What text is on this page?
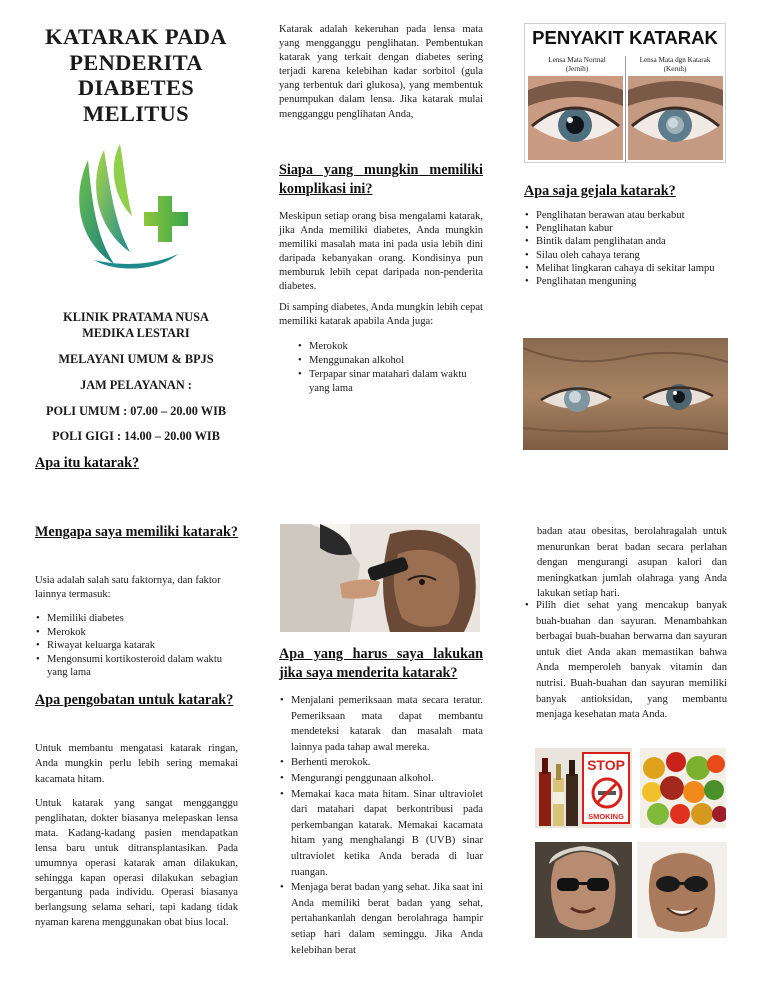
KATARAK PADA
PENDERITA
DIABETES
MELITUS
KLINIK PRATAMA NUSA
MEDIKA LESTARI
MELAYANI UMUM & BPJS
JAM PELAYANAN :
POLI UMUM : 07.00 – 20.00 WIB
POLI GIGI : 14.00 – 20.00 WIB
Apa itu katarak?
Katarak adalah kekeruhan pada lensa mata yang mengganggu penglihatan. Pembentukan katarak yang terkait dengan diabetes sering terjadi karena kelebihan kadar sorbitol (gula yang terbentuk dari glukosa), yang membentuk penumpukan dalam lensa. Jika katarak mulai mengganggu penglihatan Anda,
Siapa yang mungkin memiliki komplikasi ini?
Meskipun setiap orang bisa mengalami katarak, jika Anda memiliki diabetes, Anda mungkin memiliki masalah mata ini pada usia lebih dini daripada kebanyakan orang. Kondisinya pun memburuk lebih cepat daripada non-penderita diabetes.
Di samping diabetes, Anda mungkin lebih cepat memiliki katarak apabila Anda juga:
• Merokok
• Menggunakan alkohol
• Terpapar sinar matahari dalam waktu yang lama
PENYAKIT KATARAK
Lensa Mata Normal
(Jernih)
Lensa Mata dgn Katarak
(Keruh)
Apa saja gejala katarak?
• Penglihatan berawan atau berkabut
• Penglihatan kabur
• Bintik dalam penglihatan anda
• Silau oleh cahaya terang
• Melihat lingkaran cahaya di sekitar lampu
• Penglihatan menguning
Mengapa saya memiliki katarak?
Usia adalah salah satu faktornya, dan faktor lainnya termasuk:
• Memiliki diabetes
• Merokok
• Riwayat keluarga katarak
• Mengonsumi kortikosteroid dalam waktu yang lama
Apa pengobatan untuk katarak?
Untuk membantu mengatasi katarak ringan, Anda mungkin perlu lebih sering memakai kacamata hitam.
Untuk katarak yang sangat mengganggu penglihatan, dokter biasanya melepaskan lensa mata. Kadang-kadang pasien mendapatkan lensa baru untuk ditransplantasikan. Pada umumnya operasi katarak aman dilakukan, sehingga kapan operasi dilakukan sebagian bergantung pada individu. Operasi biasanya berlangsung selama sehari, tapi kadang tidak nyaman karena menggunakan obat bius local.
Apa yang harus saya lakukan jika saya menderita katarak?
• Menjalani pemeriksaan mata secara teratur. Pemeriksaan mata dapat membantu mendeteksi katarak dan masalah mata lainnya pada tahap awal mereka.
• Berhenti merokok.
• Mengurangi penggunaan alkohol.
• Memakai kaca mata hitam. Sinar ultraviolet dari matahari dapat berkontribusi pada perkembangan katarak. Memakai kacamata hitam yang menghalangi B (UVB) sinar ultraviolet ketika Anda berada di luar ruangan.
• Menjaga berat badan yang sehat. Jika saat ini Anda memiliki berat badan yang sehat, pertahankanlah dengan berolahraga hampir setiap hari dalam seminggu. Jika Anda kelebihan berat
badan atau obesitas, berolahragalah untuk menurunkan berat badan secara perlahan dengan mengurangi asupan kalori dan meningkatkan jumlah olahraga yang Anda lakukan setiap hari.
• Pilih diet sehat yang mencakup banyak buah-buahan dan sayuran. Menambahkan berbagai buah-buahan berwarna dan sayuran untuk diet Anda akan memastikan bahwa Anda memperoleh banyak vitamin dan nutrisi. Buah-buahan dan sayuran memiliki banyak antioksidan, yang membantu menjaga kesehatan mata Anda.
STOP
SMOKING
